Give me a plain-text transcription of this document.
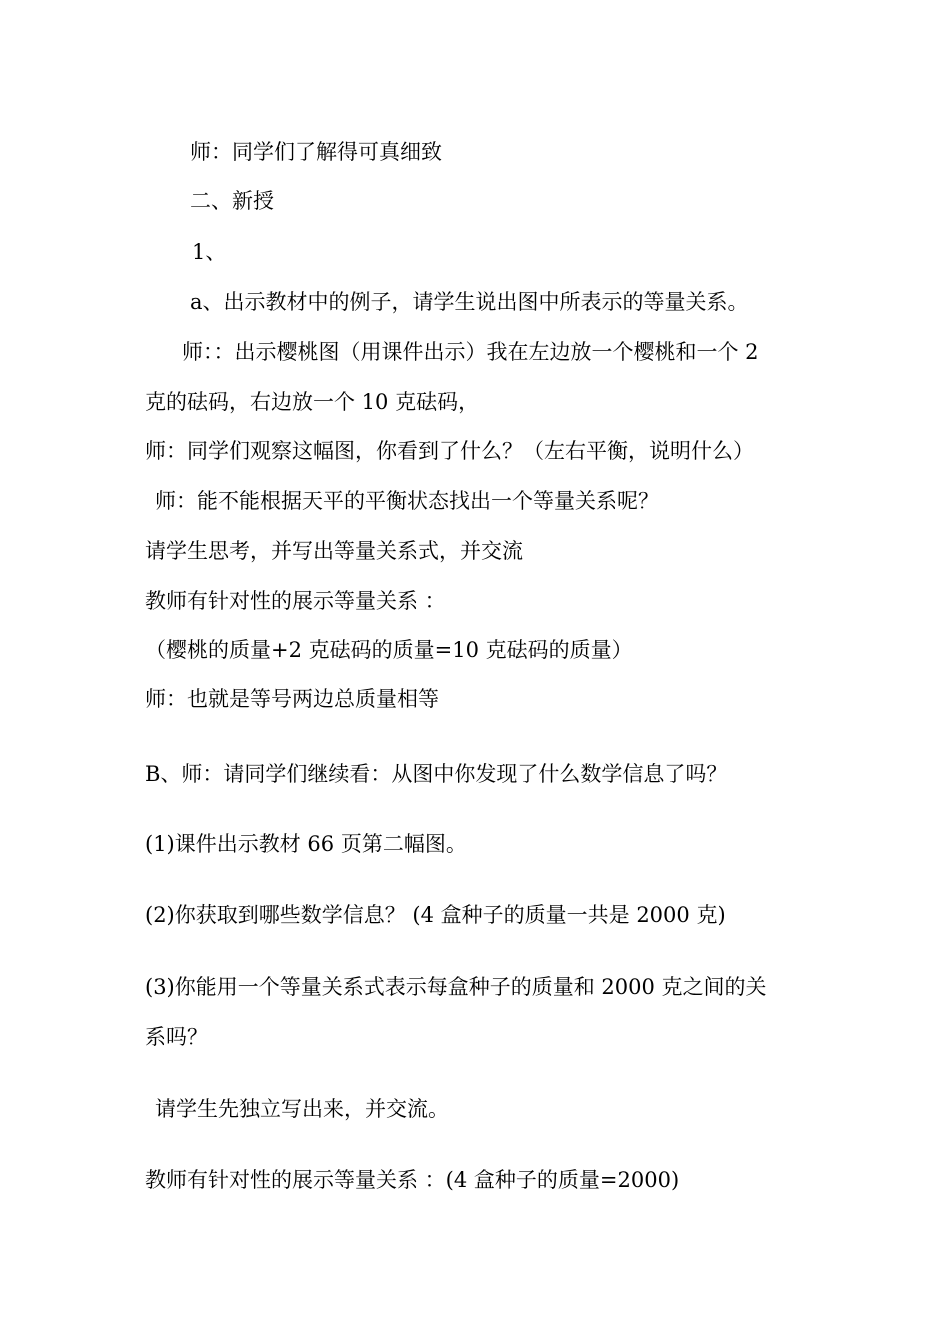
师：同学们了解得可真细致
二、新授
1、
a、出示教材中的例子，请学生说出图中所表示的等量关系。
师：：出示樱桃图（用课件出示）我在左边放一个樱桃和一个 2
克的砝码，右边放一个 10 克砝码，
师：同学们观察这幅图，你看到了什么？（左右平衡，说明什么）
师：能不能根据天平的平衡状态找出一个等量关系呢？
请学生思考，并写出等量关系式，并交流
教师有针对性的展示等量关系 ：
（樱桃的质量+2 克砝码的质量=10 克砝码的质量）
师：也就是等号两边总质量相等
B、师：请同学们继续看：从图中你发现了什么数学信息了吗？
(1)课件出示教材 66 页第二幅图。
(2)你获取到哪些数学信息？ (4 盒种子的质量一共是 2000 克)
(3)你能用一个等量关系式表示每盒种子的质量和 2000 克之间的关
系吗？
请学生先独立写出来，并交流。
教师有针对性的展示等量关系 ：(4 盒种子的质量=2000)
